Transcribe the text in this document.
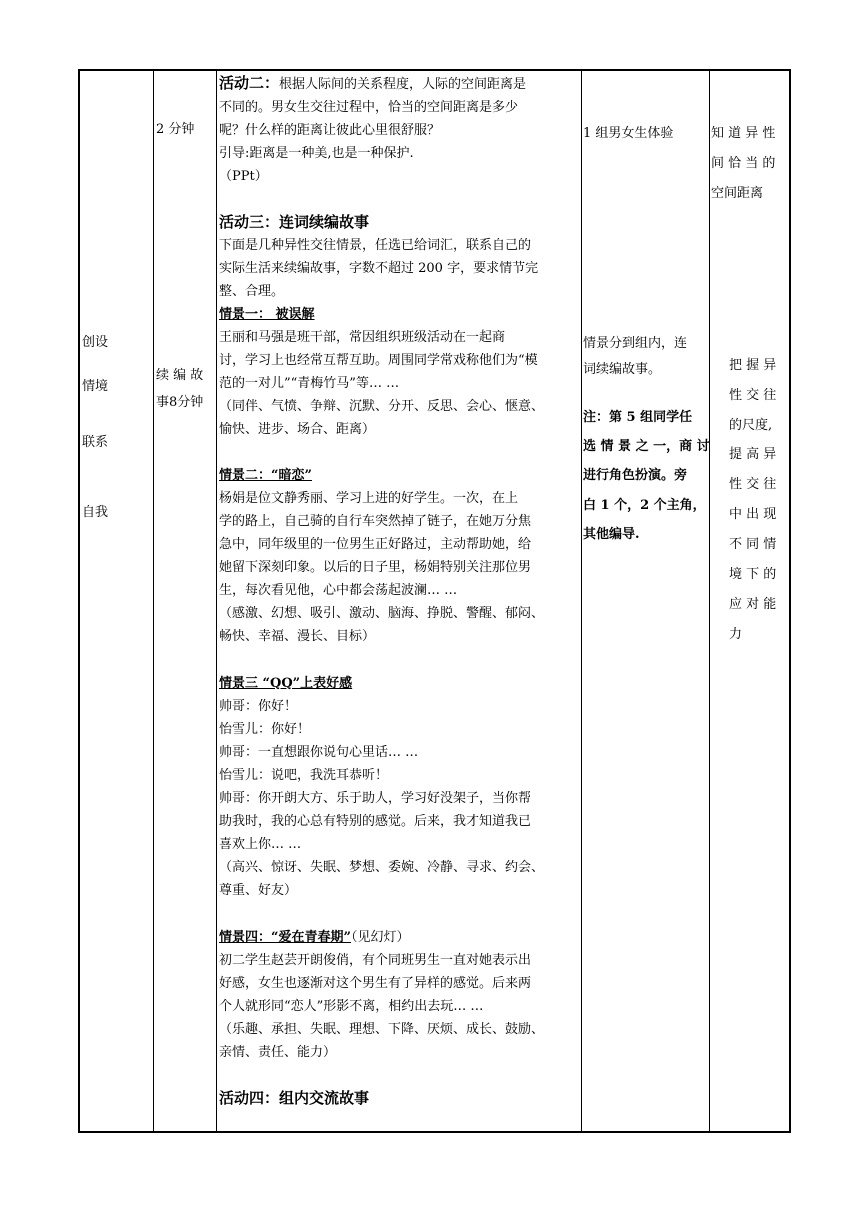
创设
情境
联系
自我
2 分钟
续 编 故
事8分钟
活动二：根据人际间的关系程度，人际的空间距离是
不同的。男女生交往过程中，恰当的空间距离是多少
呢？什么样的距离让彼此心里很舒服？
引导:距离是一种美,也是一种保护.
（PPt）
活动三：连词续编故事
下面是几种异性交往情景，任选已给词汇，联系自己的
实际生活来续编故事，字数不超过 200 字，要求情节完
整、合理。
情景一： 被误解
王丽和马强是班干部，常因组织班级活动在一起商
讨，学习上也经常互帮互助。周围同学常戏称他们为“模
范的一对儿”“青梅竹马”等… …
（同伴、气愤、争辩、沉默、分开、反思、会心、惬意、
愉快、进步、场合、距离）
情景二：“暗恋”
杨娟是位文静秀丽、学习上进的好学生。一次，在上
学的路上，自己骑的自行车突然掉了链子，在她万分焦
急中，同年级里的一位男生正好路过，主动帮助她，给
她留下深刻印象。以后的日子里，杨娟特别关注那位男
生，每次看见他，心中都会荡起波澜… …
（感激、幻想、吸引、激动、脑海、挣脱、警醒、郁闷、
畅快、幸福、漫长、目标）
情景三 “QQ”上表好感
帅哥：你好！
怡雪儿：你好！
帅哥：一直想跟你说句心里话… …
怡雪儿：说吧，我洗耳恭听！
帅哥：你开朗大方、乐于助人，学习好没架子，当你帮
助我时，我的心总有特别的感觉。后来，我才知道我已
喜欢上你… …
（高兴、惊讶、失眠、梦想、委婉、冷静、寻求、约会、
尊重、好友）
情景四：“爱在青春期”（见幻灯）
初二学生赵芸开朗俊俏，有个同班男生一直对她表示出
好感，女生也逐渐对这个男生有了异样的感觉。后来两
个人就形同“恋人”形影不离，相约出去玩… …
（乐趣、承担、失眠、理想、下降、厌烦、成长、鼓励、
亲情、责任、能力）
活动四：组内交流故事
1 组男女生体验
情景分到组内，连
词续编故事。
注：第 5 组同学任
选 情 景 之 一，商 讨
进行角色扮演。旁
白 1 个，2 个主角，
其他编导.
知 道 异 性
间 恰 当 的
空间距离
把 握 异
性 交 往
的尺度,
提 高 异
性 交 往
中 出 现
不 同 情
境 下 的
应 对 能
力
